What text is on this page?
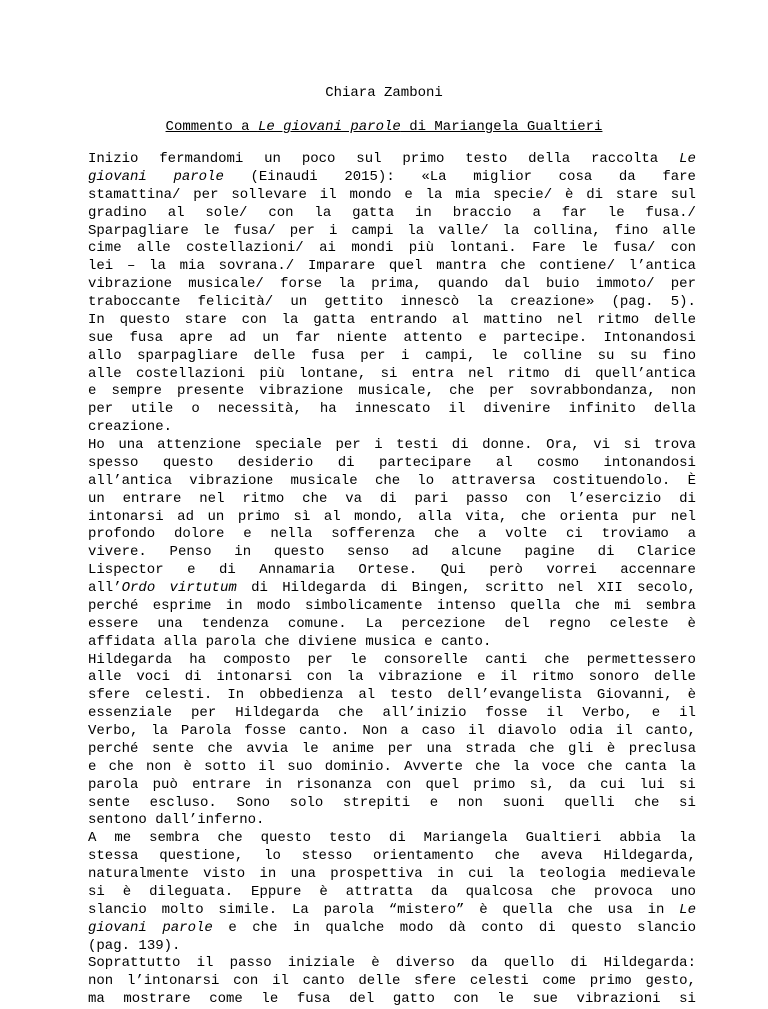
Chiara Zamboni
Commento a Le giovani parole di Mariangela Gualtieri
Inizio fermandomi un poco sul primo testo della raccolta Le
giovani parole (Einaudi 2015): «La miglior cosa da fare
stamattina/ per sollevare il mondo e la mia specie/ è di stare sul
gradino al sole/ con la gatta in braccio a far le fusa./
Sparpagliare le fusa/ per i campi la valle/ la collina, fino alle
cime alle costellazioni/ ai mondi più lontani. Fare le fusa/ con
lei – la mia sovrana./ Imparare quel mantra che contiene/ l’antica
vibrazione musicale/ forse la prima, quando dal buio immoto/ per
traboccante felicità/ un gettito innescò la creazione» (pag. 5).
In questo stare con la gatta entrando al mattino nel ritmo delle
sue fusa apre ad un far niente attento e partecipe. Intonandosi
allo sparpagliare delle fusa per i campi, le colline su su fino
alle costellazioni più lontane, si entra nel ritmo di quell’antica
e sempre presente vibrazione musicale, che per sovrabbondanza, non
per utile o necessità, ha innescato il divenire infinito della
creazione.
Ho una attenzione speciale per i testi di donne. Ora, vi si trova
spesso questo desiderio di partecipare al cosmo intonandosi
all’antica vibrazione musicale che lo attraversa costituendolo. È
un entrare nel ritmo che va di pari passo con l’esercizio di
intonarsi ad un primo sì al mondo, alla vita, che orienta pur nel
profondo dolore e nella sofferenza che a volte ci troviamo a
vivere. Penso in questo senso ad alcune pagine di Clarice
Lispector e di Annamaria Ortese. Qui però vorrei accennare
all’Ordo virtutum di Hildegarda di Bingen, scritto nel XII secolo,
perché esprime in modo simbolicamente intenso quella che mi sembra
essere una tendenza comune. La percezione del regno celeste è
affidata alla parola che diviene musica e canto.
Hildegarda ha composto per le consorelle canti che permettessero
alle voci di intonarsi con la vibrazione e il ritmo sonoro delle
sfere celesti. In obbedienza al testo dell’evangelista Giovanni, è
essenziale per Hildegarda che all’inizio fosse il Verbo, e il
Verbo, la Parola fosse canto. Non a caso il diavolo odia il canto,
perché sente che avvia le anime per una strada che gli è preclusa
e che non è sotto il suo dominio. Avverte che la voce che canta la
parola può entrare in risonanza con quel primo sì, da cui lui si
sente escluso. Sono solo strepiti e non suoni quelli che si
sentono dall’inferno.
A me sembra che questo testo di Mariangela Gualtieri abbia la
stessa questione, lo stesso orientamento che aveva Hildegarda,
naturalmente visto in una prospettiva in cui la teologia medievale
si è dileguata. Eppure è attratta da qualcosa che provoca uno
slancio molto simile. La parola “mistero” è quella che usa in Le
giovani parole e che in qualche modo dà conto di questo slancio
(pag. 139).
Soprattutto il passo iniziale è diverso da quello di Hildegarda:
non l’intonarsi con il canto delle sfere celesti come primo gesto,
ma mostrare come le fusa del gatto con le sue vibrazioni si
